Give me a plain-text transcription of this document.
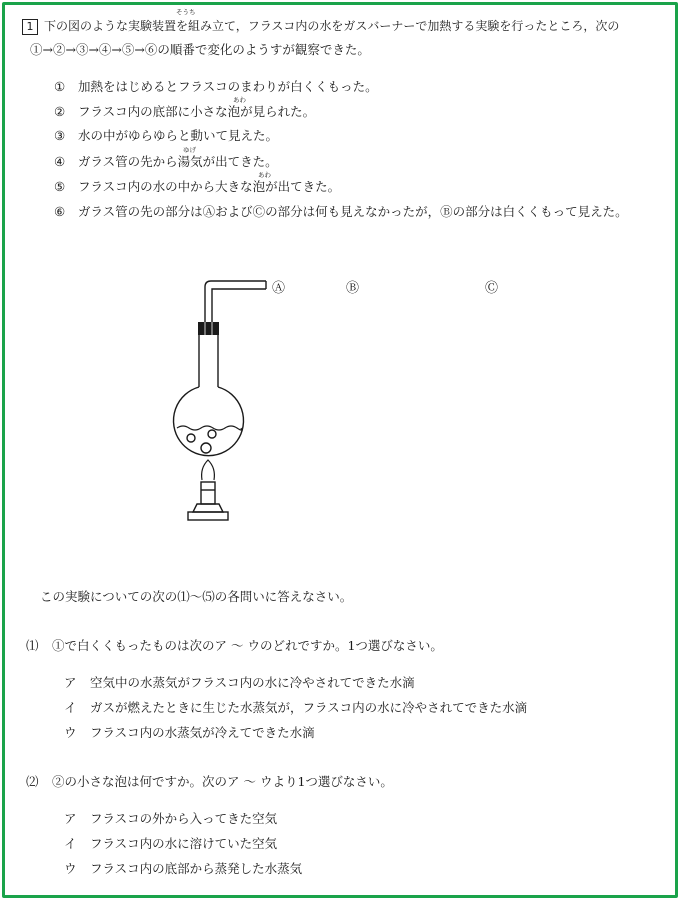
1
そうち
下の図のような実験装置を組み立て，フラスコ内の水をガスバーナーで加熱する実験を行ったところ，次の
①→②→③→④→⑤→⑥の順番で変化のようすが観察できた。
① 加熱をはじめるとフラスコのまわりが白くくもった。
あわ
② フラスコ内の底部に小さな泡が見られた。
③ 水の中がゆらゆらと動いて見えた。
ゆげ
④ ガラス管の先から湯気が出てきた。
あわ
⑤ フラスコ内の水の中から大きな泡が出てきた。
⑥ ガラス管の先の部分はⒶおよびⒸの部分は何も見えなかったが，Ⓑの部分は白くくもって見えた。
Ⓐ	Ⓑ	Ⓒ
この実験についての次の⑴～⑸の各問いに答えなさい。
⑴ ①で白くくもったものは次のア ～ ウのどれですか。1つ選びなさい。
ア 空気中の水蒸気がフラスコ内の水に冷やされてできた水滴
イ ガスが燃えたときに生じた水蒸気が，フラスコ内の水に冷やされてできた水滴
ウ フラスコ内の水蒸気が冷えてできた水滴
⑵ ②の小さな泡は何ですか。次のア ～ ウより1つ選びなさい。
ア フラスコの外から入ってきた空気
イ フラスコ内の水に溶けていた空気
ウ フラスコ内の底部から蒸発した水蒸気
